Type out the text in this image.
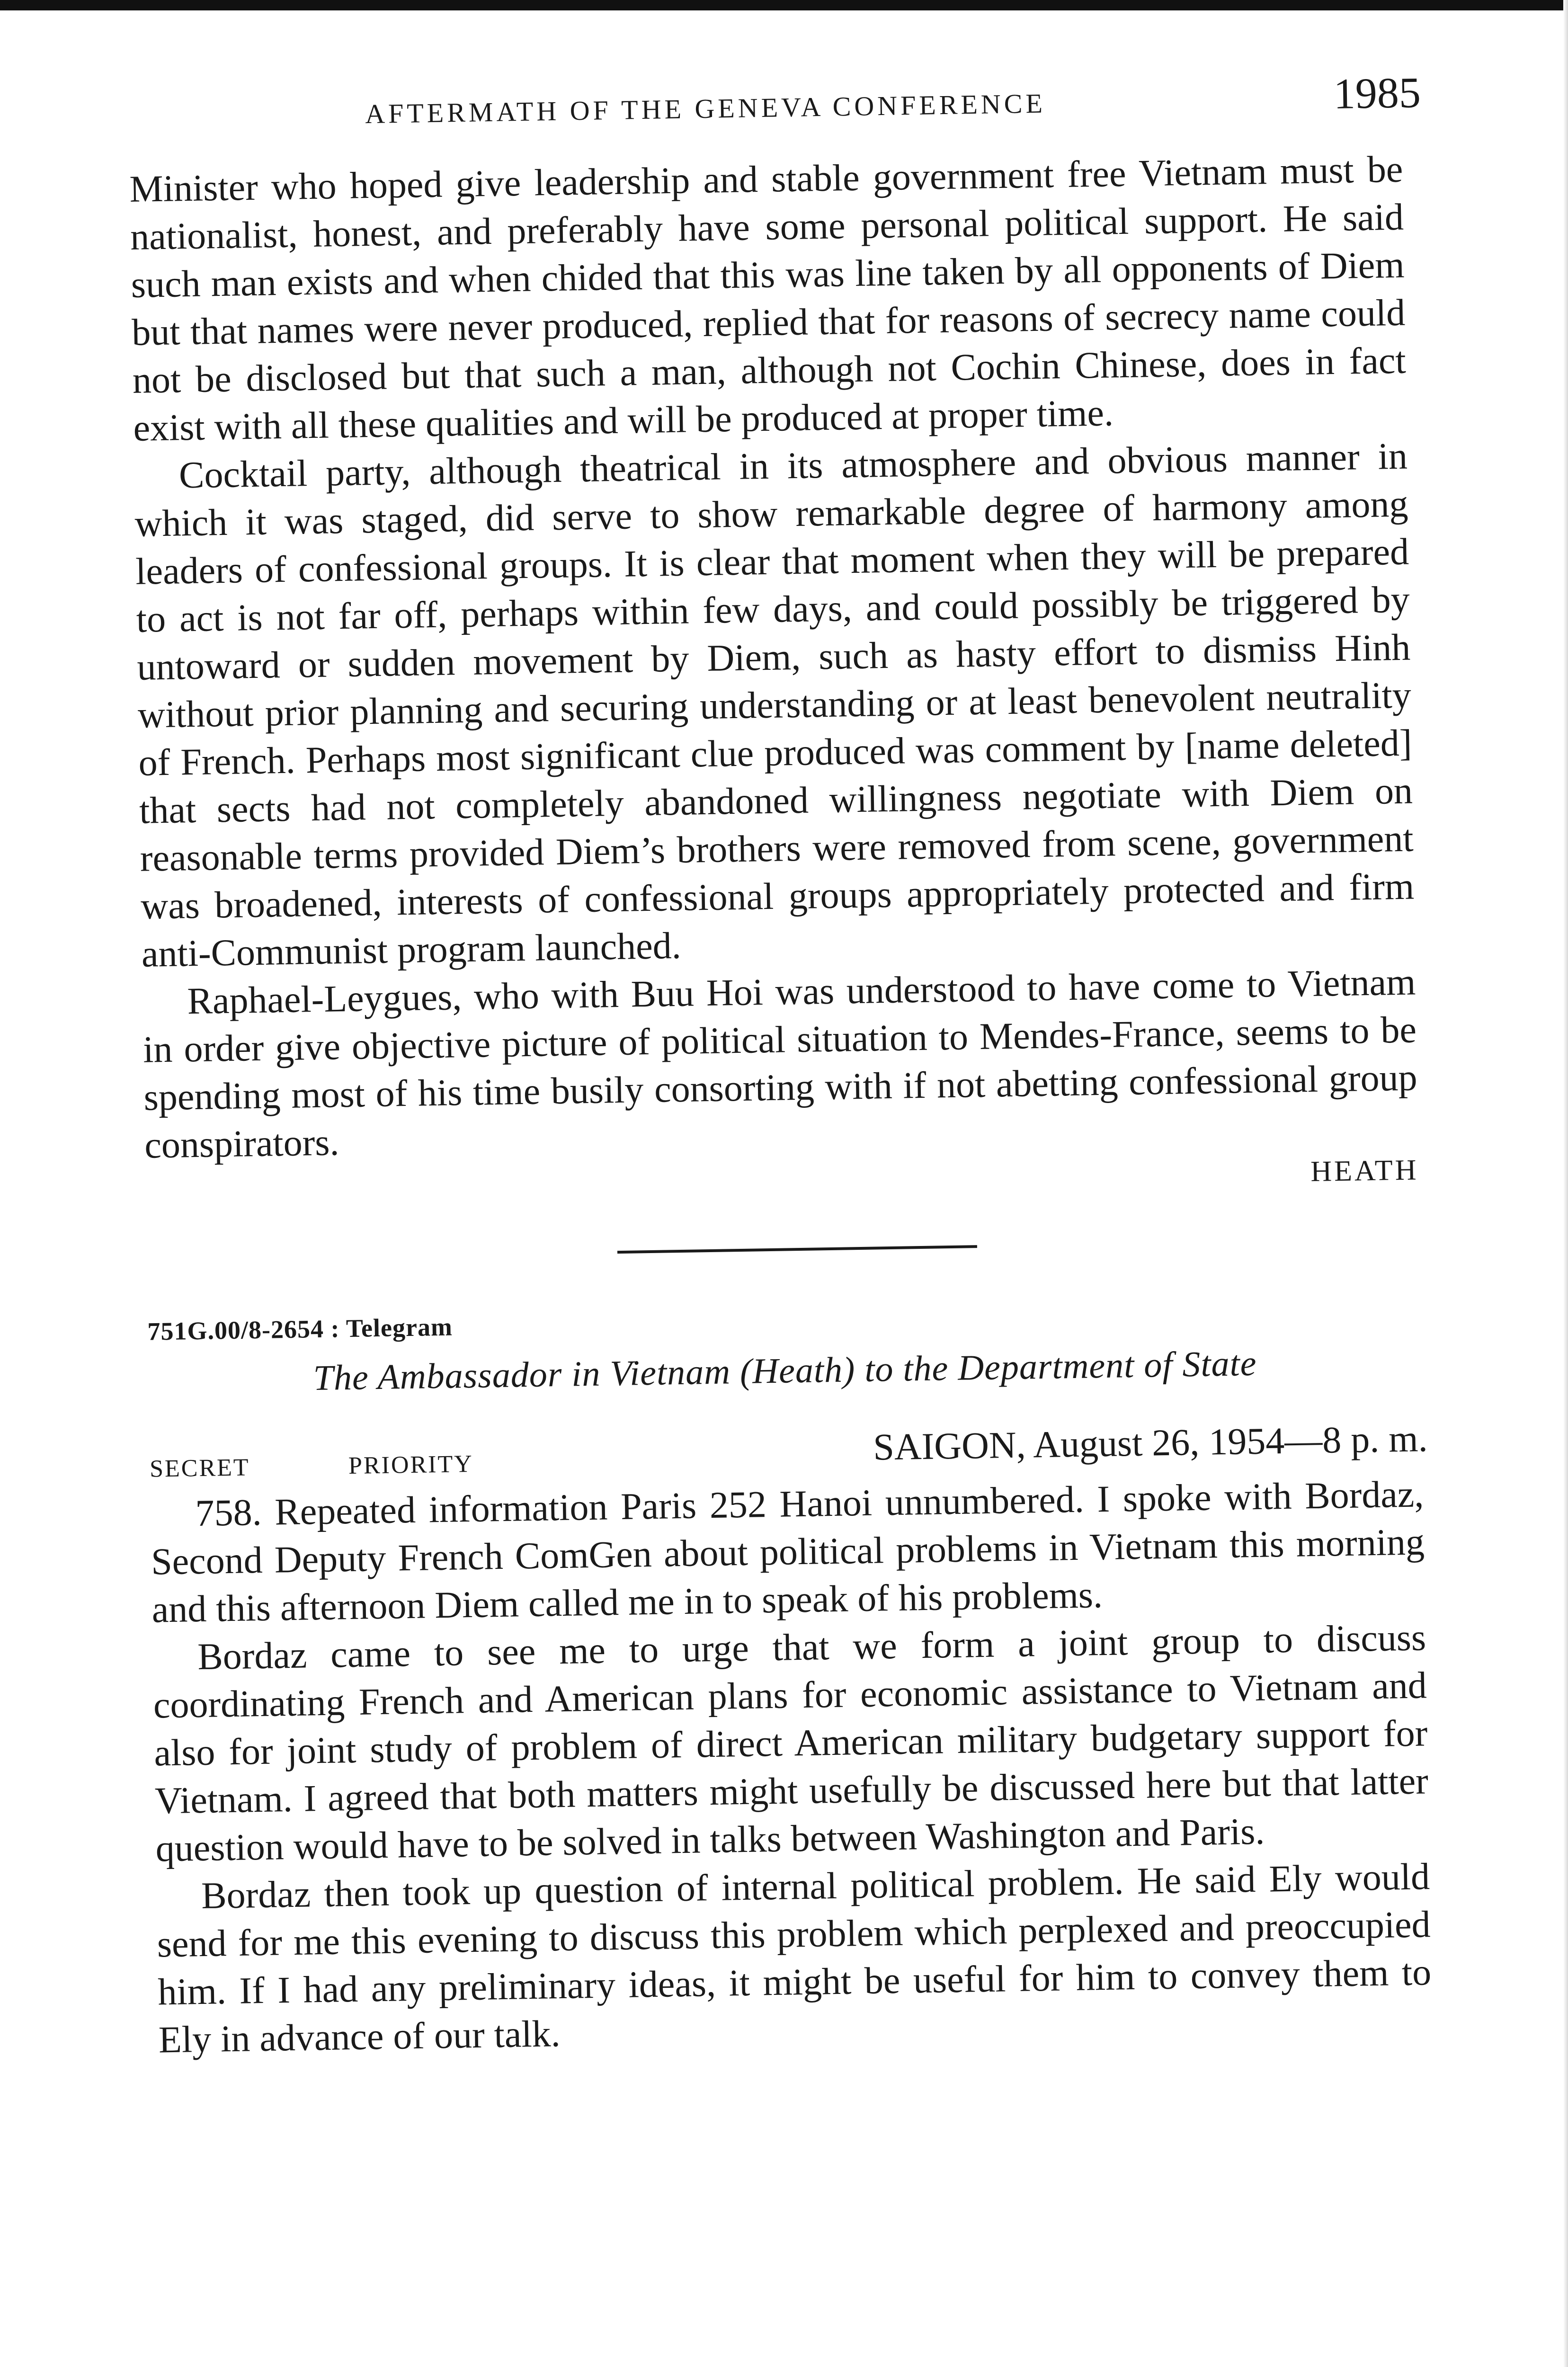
AFTERMATH OF THE GENEVA CONFERENCE	1985

Minister who hoped give leadership and stable government free Vietnam must be nationalist, honest, and preferably have some personal political support. He said such man exists and when chided that this was line taken by all opponents of Diem but that names were never produced, replied that for reasons of secrecy name could not be disclosed but that such a man, although not Cochin Chinese, does in fact exist with all these qualities and will be produced at proper time.

Cocktail party, although theatrical in its atmosphere and obvious manner in which it was staged, did serve to show remarkable degree of harmony among leaders of confessional groups. It is clear that moment when they will be prepared to act is not far off, perhaps within few days, and could possibly be triggered by untoward or sudden movement by Diem, such as hasty effort to dismiss Hinh without prior planning and securing understanding or at least benevolent neutrality of French. Perhaps most significant clue produced was comment by [name deleted] that sects had not completely abandoned willingness negotiate with Diem on reasonable terms provided Diem’s brothers were removed from scene, government was broadened, interests of confessional groups appropriately protected and firm anti-Communist program launched.

Raphael-Leygues, who with Buu Hoi was understood to have come to Vietnam in order give objective picture of political situation to Mendes-France, seems to be spending most of his time busily consorting with if not abetting confessional group conspirators.

HEATH
751G.00/8-2654 : Telegram
The Ambassador in Vietnam (Heath) to the Department of State
SECRET	PRIORITY	SAIGON, August 26, 1954—8 p. m.

758. Repeated information Paris 252 Hanoi unnumbered. I spoke with Bordaz, Second Deputy French ComGen about political problems in Vietnam this morning and this afternoon Diem called me in to speak of his problems.

Bordaz came to see me to urge that we form a joint group to discuss coordinating French and American plans for economic assistance to Vietnam and also for joint study of problem of direct American military budgetary support for Vietnam. I agreed that both matters might usefully be discussed here but that latter question would have to be solved in talks between Washington and Paris.

Bordaz then took up question of internal political problem. He said Ely would send for me this evening to discuss this problem which perplexed and preoccupied him. If I had any preliminary ideas, it might be useful for him to convey them to Ely in advance of our talk.
